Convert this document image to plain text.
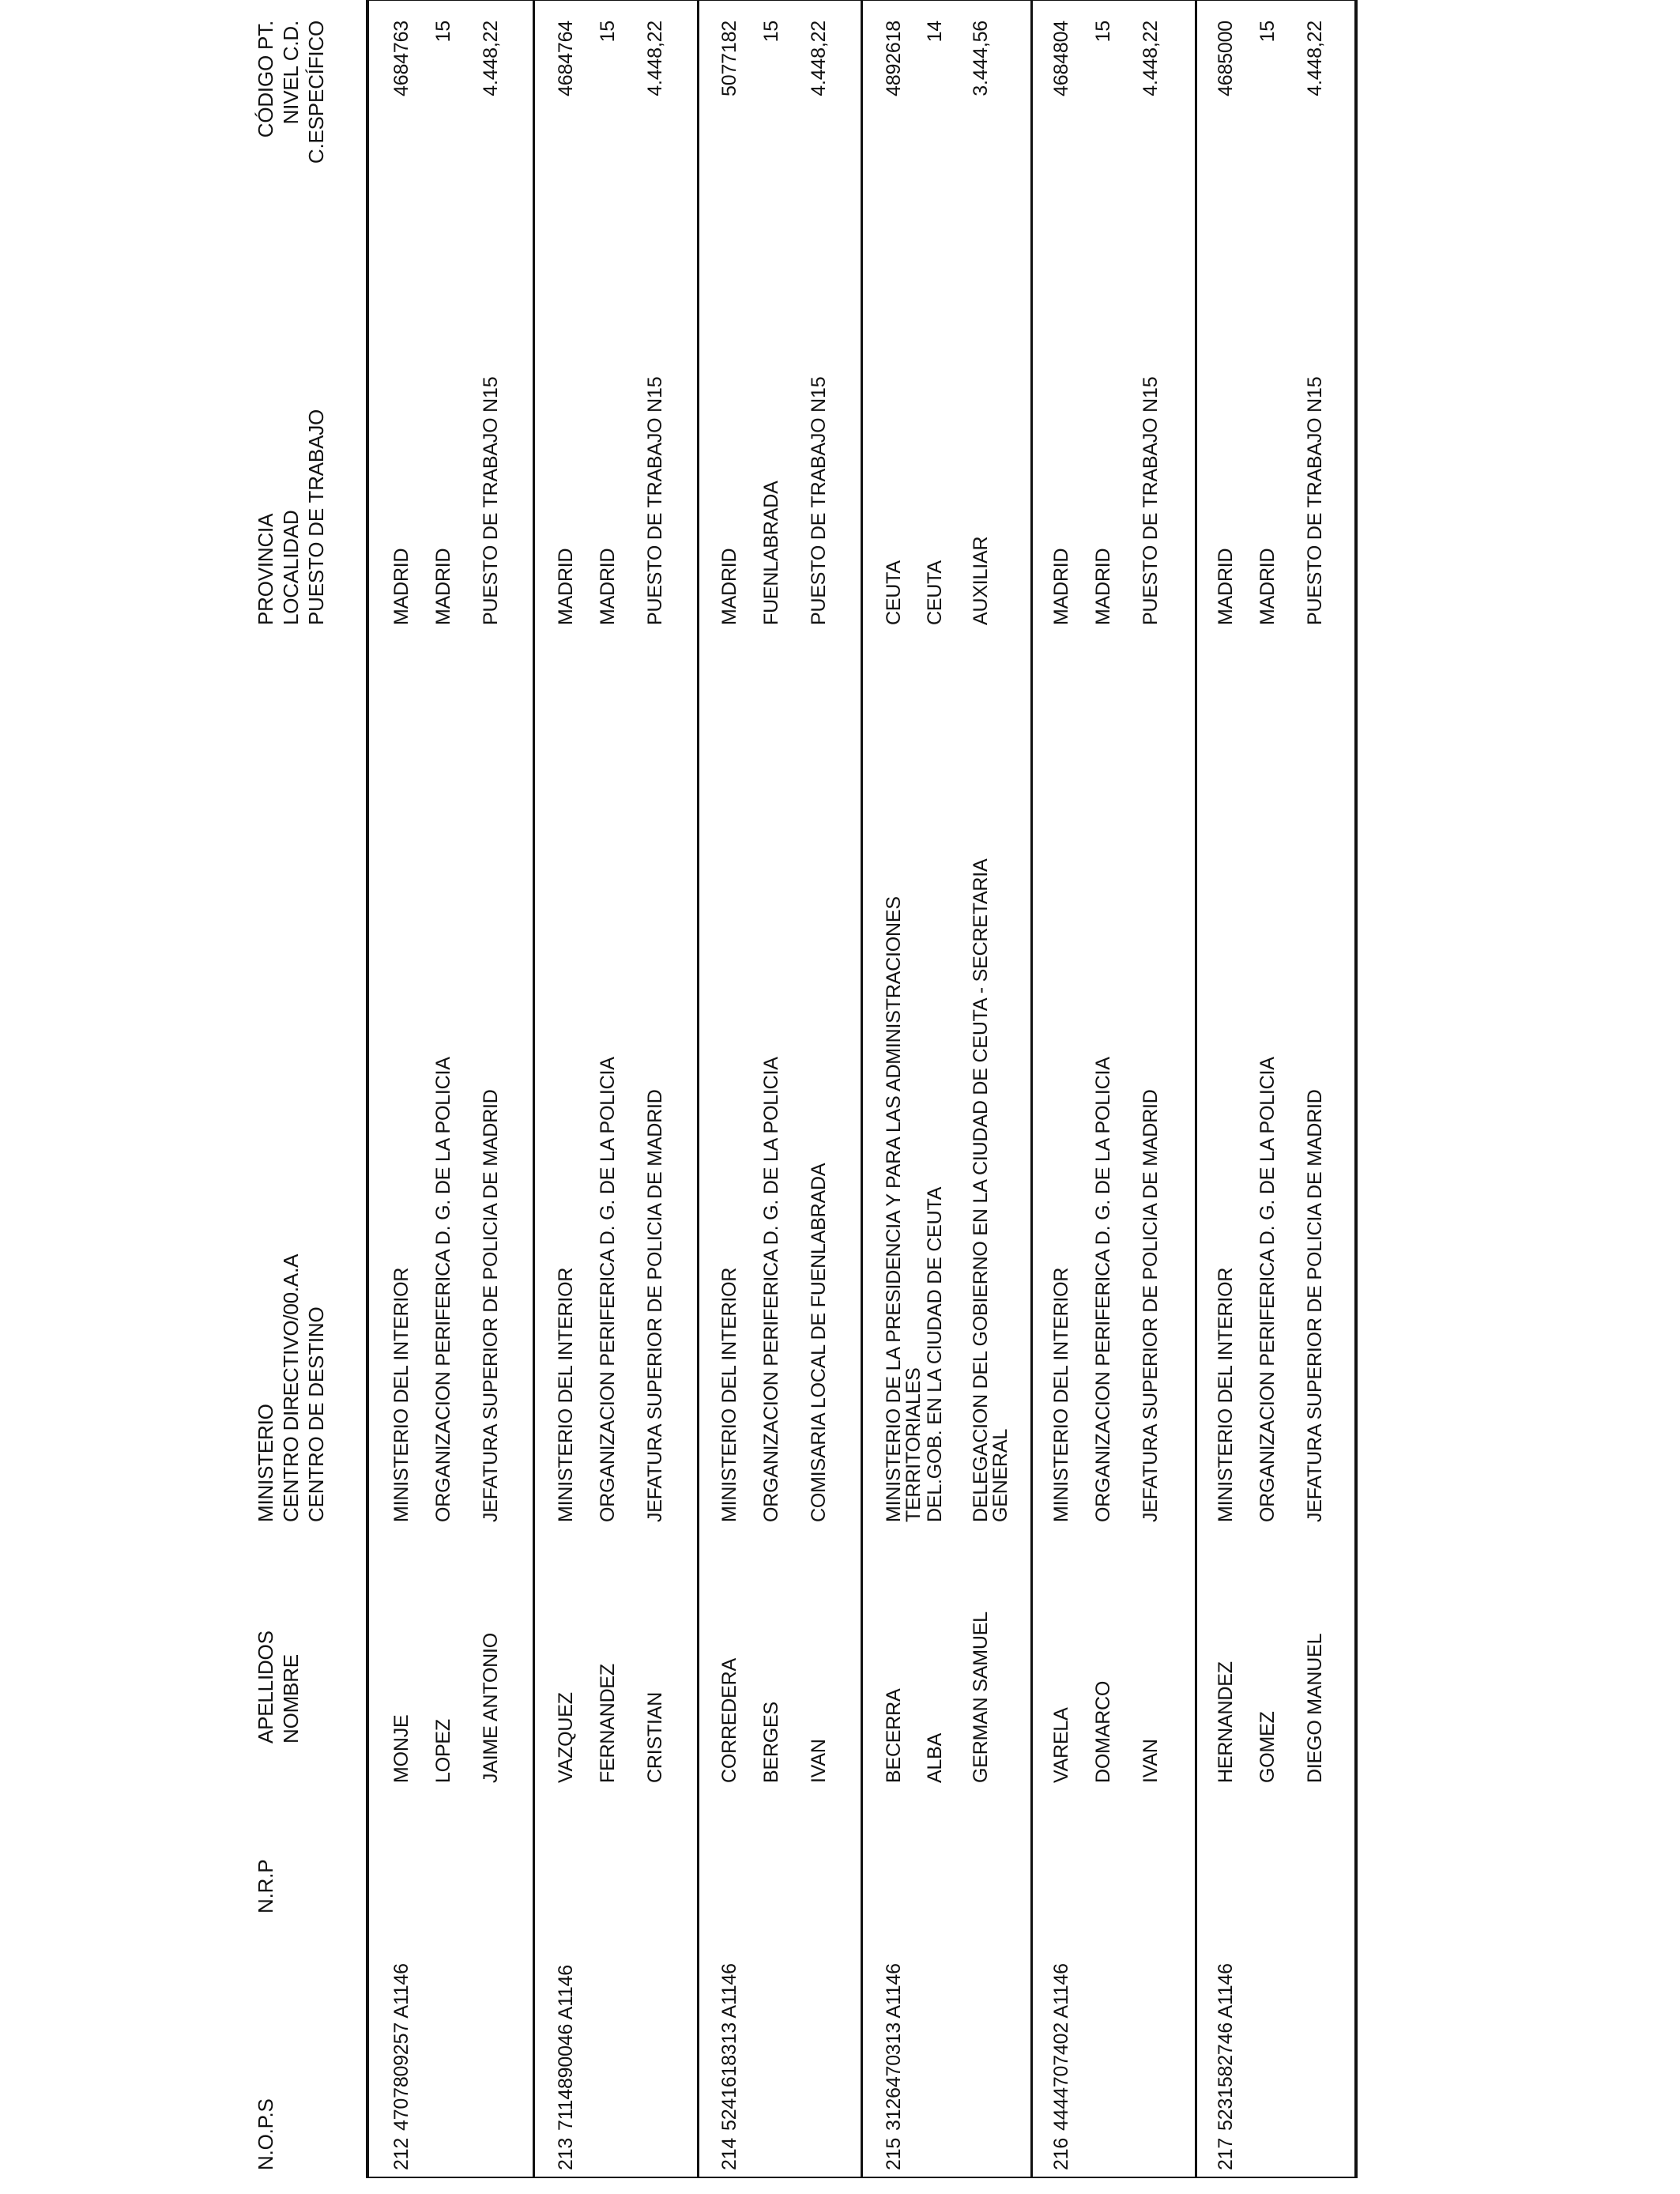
N.O.P.S
N.R.P
APELLIDOS NOMBRE
MINISTERIO CENTRO DIRECTIVO/00.A.A CENTRO DE DESTINO
PROVINCIA LOCALIDAD PUESTO DE TRABAJO
CÓDIGO PT. NIVEL C.D. C.ESPECÍFICO
212
4707809257 A1146
MONJE LOPEZ JAIME ANTONIO
MINISTERIO DEL INTERIOR ORGANIZACION PERIFERICA D. G. DE LA POLICIA JEFATURA SUPERIOR DE POLICIA DE MADRID
MADRID MADRID PUESTO DE TRABAJO N15
4684763 15 4.448,22
213
7114890046 A1146
VAZQUEZ FERNANDEZ CRISTIAN
MINISTERIO DEL INTERIOR ORGANIZACION PERIFERICA D. G. DE LA POLICIA JEFATURA SUPERIOR DE POLICIA DE MADRID
MADRID MADRID PUESTO DE TRABAJO N15
4684764 15 4.448,22
214
5241618313 A1146
CORREDERA BERGES IVAN
MINISTERIO DEL INTERIOR ORGANIZACION PERIFERICA D. G. DE LA POLICIA COMISARIA LOCAL DE FUENLABRADA
MADRID FUENLABRADA PUESTO DE TRABAJO N15
5077182 15 4.448,22
215
3126470313 A1146
BECERRA ALBA GERMAN SAMUEL
MINISTERIO DE LA PRESIDENCIA Y PARA LAS ADMINISTRACIONES
TERRITORIALES DEL.GOB. EN LA CIUDAD DE CEUTA DELEGACION DEL GOBIERNO EN LA CIUDAD DE CEUTA - SECRETARIA
GENERAL
CEUTA CEUTA AUXILIAR
4892618 14 3.444,56
216
4444707402 A1146
VARELA DOMARCO IVAN
MINISTERIO DEL INTERIOR ORGANIZACION PERIFERICA D. G. DE LA POLICIA JEFATURA SUPERIOR DE POLICIA DE MADRID
MADRID MADRID PUESTO DE TRABAJO N15
4684804 15 4.448,22
217
5231582746 A1146
HERNANDEZ GOMEZ DIEGO MANUEL
MINISTERIO DEL INTERIOR ORGANIZACION PERIFERICA D. G. DE LA POLICIA JEFATURA SUPERIOR DE POLICIA DE MADRID
MADRID MADRID PUESTO DE TRABAJO N15
4685000 15 4.448,22
